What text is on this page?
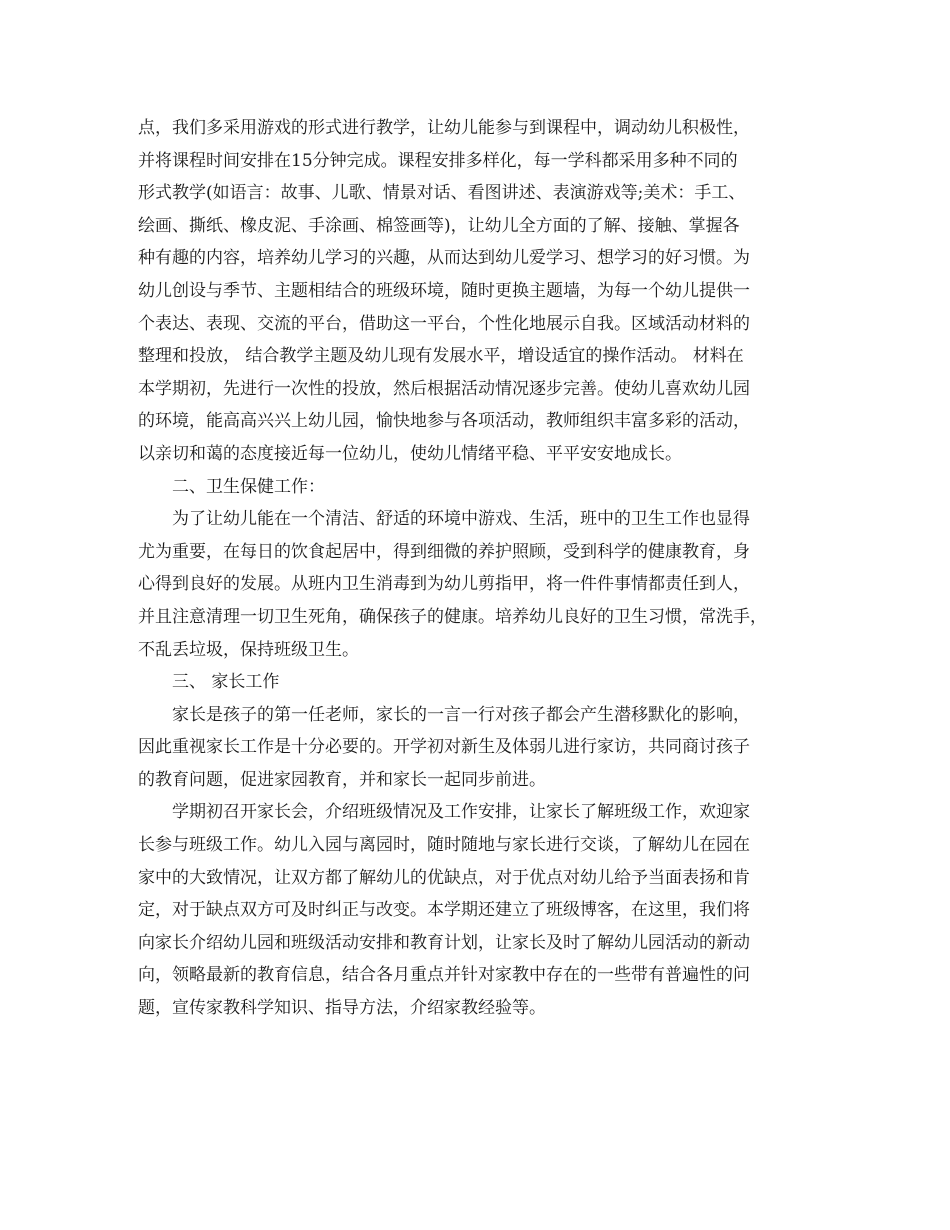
点，我们多采用游戏的形式进行教学，让幼儿能参与到课程中，调动幼儿积极性，

并将课程时间安排在15分钟完成。课程安排多样化，每一学科都采用多种不同的

形式教学(如语言：故事、儿歌、情景对话、看图讲述、表演游戏等;美术：手工、

绘画、撕纸、橡皮泥、手涂画、棉签画等)，让幼儿全方面的了解、接触、掌握各

种有趣的内容，培养幼儿学习的兴趣，从而达到幼儿爱学习、想学习的好习惯。为

幼儿创设与季节、主题相结合的班级环境，随时更换主题墙，为每一个幼儿提供一

个表达、表现、交流的平台，借助这一平台，个性化地展示自我。区域活动材料的

整理和投放， 结合教学主题及幼儿现有发展水平，增设适宜的操作活动。 材料在

本学期初，先进行一次性的投放，然后根据活动情况逐步完善。使幼儿喜欢幼儿园

的环境，能高高兴兴上幼儿园，愉快地参与各项活动，教师组织丰富多彩的活动，

以亲切和蔼的态度接近每一位幼儿，使幼儿情绪平稳、平平安安地成长。

二、卫生保健工作：

为了让幼儿能在一个清洁、舒适的环境中游戏、生活，班中的卫生工作也显得

尤为重要，在每日的饮食起居中，得到细微的养护照顾，受到科学的健康教育，身

心得到良好的发展。从班内卫生消毒到为幼儿剪指甲，将一件件事情都责任到人，

并且注意清理一切卫生死角，确保孩子的健康。培养幼儿良好的卫生习惯，常洗手，

不乱丢垃圾，保持班级卫生。

三、 家长工作

家长是孩子的第一任老师，家长的一言一行对孩子都会产生潜移默化的影响，

因此重视家长工作是十分必要的。开学初对新生及体弱儿进行家访，共同商讨孩子

的教育问题，促进家园教育，并和家长一起同步前进。

学期初召开家长会，介绍班级情况及工作安排，让家长了解班级工作，欢迎家

长参与班级工作。幼儿入园与离园时，随时随地与家长进行交谈，了解幼儿在园在

家中的大致情况，让双方都了解幼儿的优缺点，对于优点对幼儿给予当面表扬和肯

定，对于缺点双方可及时纠正与改变。本学期还建立了班级博客，在这里，我们将

向家长介绍幼儿园和班级活动安排和教育计划，让家长及时了解幼儿园活动的新动

向，领略最新的教育信息，结合各月重点并针对家教中存在的一些带有普遍性的问

题，宣传家教科学知识、指导方法，介绍家教经验等。
